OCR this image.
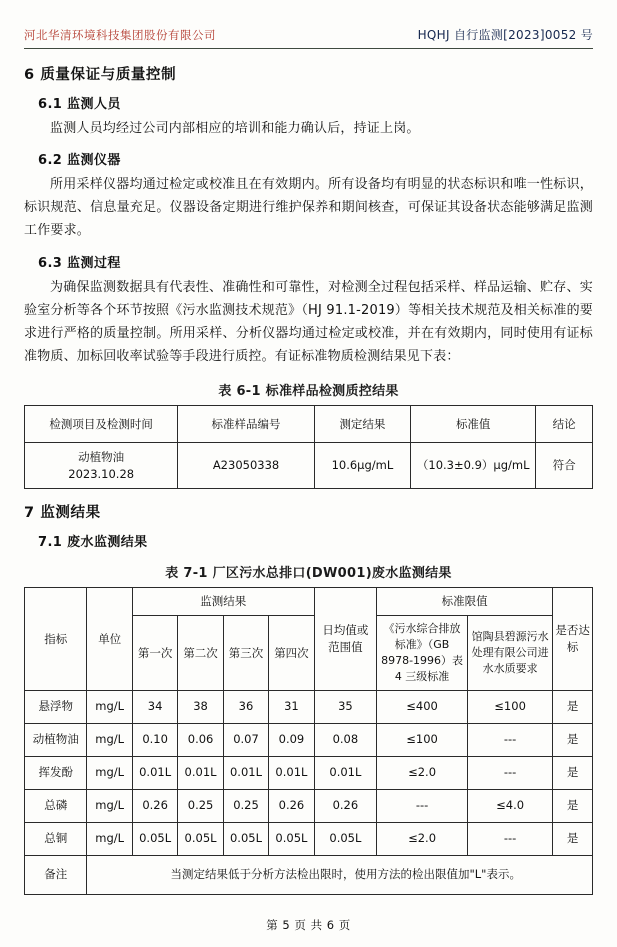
河北华清环境科技集团股份有限公司	HQHJ 自行监测[2023]0052 号
6 质量保证与质量控制
6.1 监测人员

监测人员均经过公司内部相应的培训和能力确认后，持证上岗。

6.2 监测仪器

所用采样仪器均通过检定或校准且在有效期内。所有设备均有明显的状态标识和唯一性标识，标识规范、信息量充足。仪器设备定期进行维护保养和期间核查，可保证其设备状态能够满足监测工作要求。

6.3 监测过程

为确保监测数据具有代表性、准确性和可靠性，对检测全过程包括采样、样品运输、贮存、实验室分析等各个环节按照《污水监测技术规范》（HJ 91.1-2019）等相关技术规范及相关标准的要求进行严格的质量控制。所用采样、分析仪器均通过检定或校准，并在有效期内，同时使用有证标准物质、加标回收率试验等手段进行质控。有证标准物质检测结果见下表：

表 6-1 标准样品检测质控结果
检测项目及检测时间	标准样品编号	测定结果	标准值	结论

动植物油
2023.10.28	A23050338	10.6μg/mL	（10.3±0.9）μg/mL	符合
7 监测结果
7.1 废水监测结果
表 7-1 厂区污水总排口(DW001)废水监测结果
指标	单位	监测结果				日均值或范围值	标准限值		是否达标
		第一次	第二次	第三次	第四次		《污水综合排放标准》（GB 8978-1996）表 4 三级标准	馆陶县碧源污水处理有限公司进水水质要求	
悬浮物	mg/L	34	38	36	31	35	≤400	≤100	是
动植物油	mg/L	0.10	0.06	0.07	0.09	0.08	≤100	---	是
挥发酚	mg/L	0.01L	0.01L	0.01L	0.01L	0.01L	≤2.0	---	是
总磷	mg/L	0.26	0.25	0.25	0.26	0.26	---	≤4.0	是
总铜	mg/L	0.05L	0.05L	0.05L	0.05L	0.05L	≤2.0	---	是
备注	当测定结果低于分析方法检出限时，使用方法的检出限值加"L"表示。								
第 5 页 共 6 页
